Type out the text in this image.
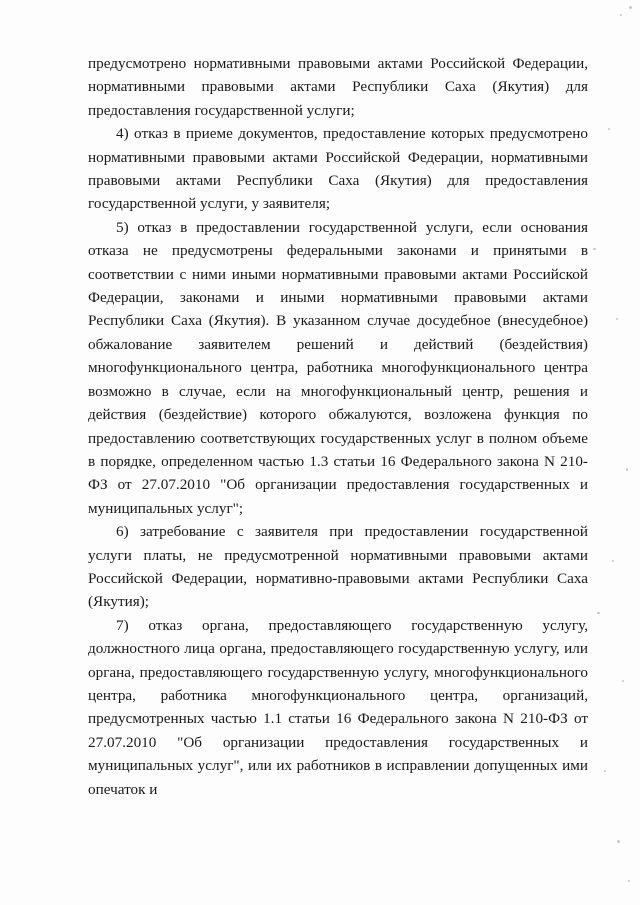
предусмотрено нормативными правовыми актами Российской Федерации, нормативными правовыми актами Республики Саха (Якутия) для предоставления государственной услуги;

4) отказ в приеме документов, предоставление которых предусмотрено нормативными правовыми актами Российской Федерации, нормативными правовыми актами Республики Саха (Якутия) для предоставления государственной услуги, у заявителя;

5) отказ в предоставлении государственной услуги, если основания отказа не предусмотрены федеральными законами и принятыми в соответствии с ними иными нормативными правовыми актами Российской Федерации, законами и иными нормативными правовыми актами Республики Саха (Якутия). В указанном случае досудебное (внесудебное) обжалование заявителем решений и действий (бездействия) многофункционального центра, работника многофункционального центра возможно в случае, если на многофункциональный центр, решения и действия (бездействие) которого обжалуются, возложена функция по предоставлению соответствующих государственных услуг в полном объеме в порядке, определенном частью 1.3 статьи 16 Федерального закона N 210-ФЗ от 27.07.2010 "Об организации предоставления государственных и муниципальных услуг";

6) затребование с заявителя при предоставлении государственной услуги платы, не предусмотренной нормативными правовыми актами Российской Федерации, нормативно-правовыми актами Республики Саха (Якутия);

7) отказ органа, предоставляющего государственную услугу, должностного лица органа, предоставляющего государственную услугу, или органа, предоставляющего государственную услугу, многофункционального центра, работника многофункционального центра, организаций, предусмотренных частью 1.1 статьи 16 Федерального закона N 210-ФЗ от 27.07.2010 "Об организации предоставления государственных и муниципальных услуг", или их работников в исправлении допущенных ими опечаток и
